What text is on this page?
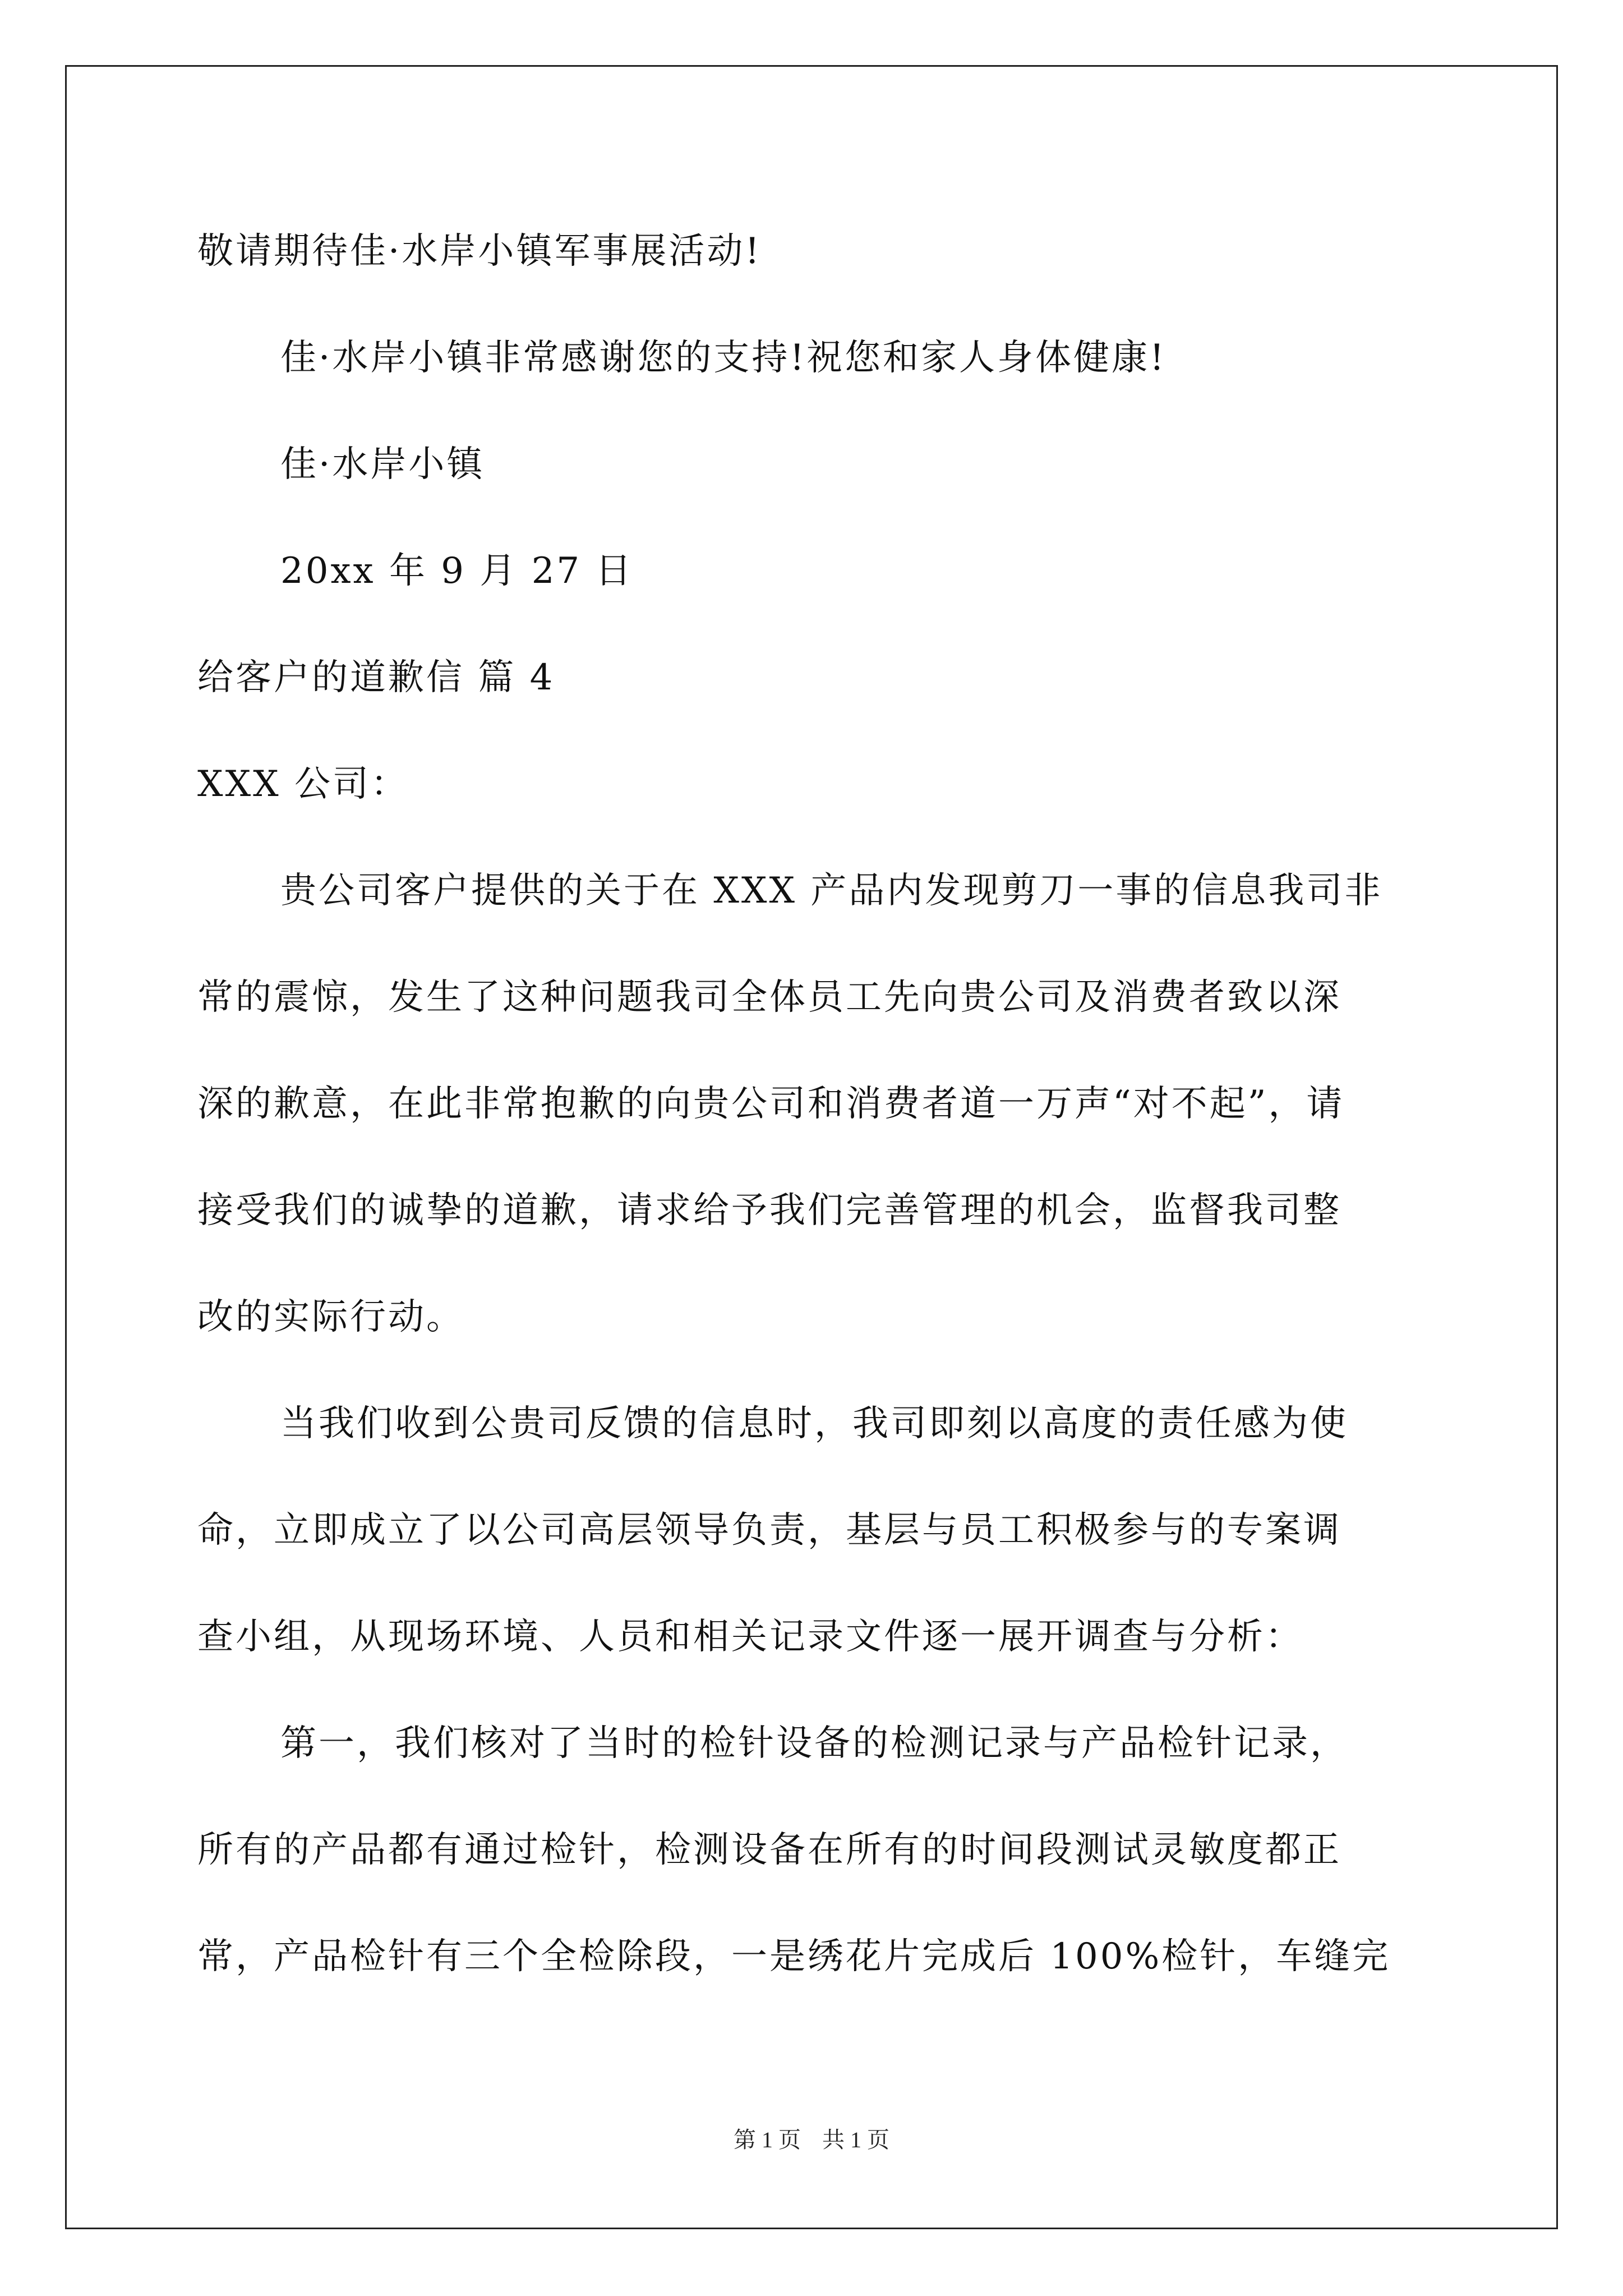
敬请期待佳·水岸小镇军事展活动!
佳·水岸小镇非常感谢您的支持!祝您和家人身体健康!
佳·水岸小镇
20xx 年 9 月 27 日
给客户的道歉信 篇 4
XXX 公司：
贵公司客户提供的关于在 XXX 产品内发现剪刀一事的信息我司非
常的震惊，发生了这种问题我司全体员工先向贵公司及消费者致以深
深的歉意，在此非常抱歉的向贵公司和消费者道一万声“对不起”，请
接受我们的诚挚的道歉，请求给予我们完善管理的机会，监督我司整
改的实际行动。
当我们收到公贵司反馈的信息时，我司即刻以高度的责任感为使
命，立即成立了以公司高层领导负责，基层与员工积极参与的专案调
查小组，从现场环境、人员和相关记录文件逐一展开调查与分析：
第一，我们核对了当时的检针设备的检测记录与产品检针记录，
所有的产品都有通过检针，检测设备在所有的时间段测试灵敏度都正
常，产品检针有三个全检除段，一是绣花片完成后 100%检针，车缝完
第 1 页 共 1 页
